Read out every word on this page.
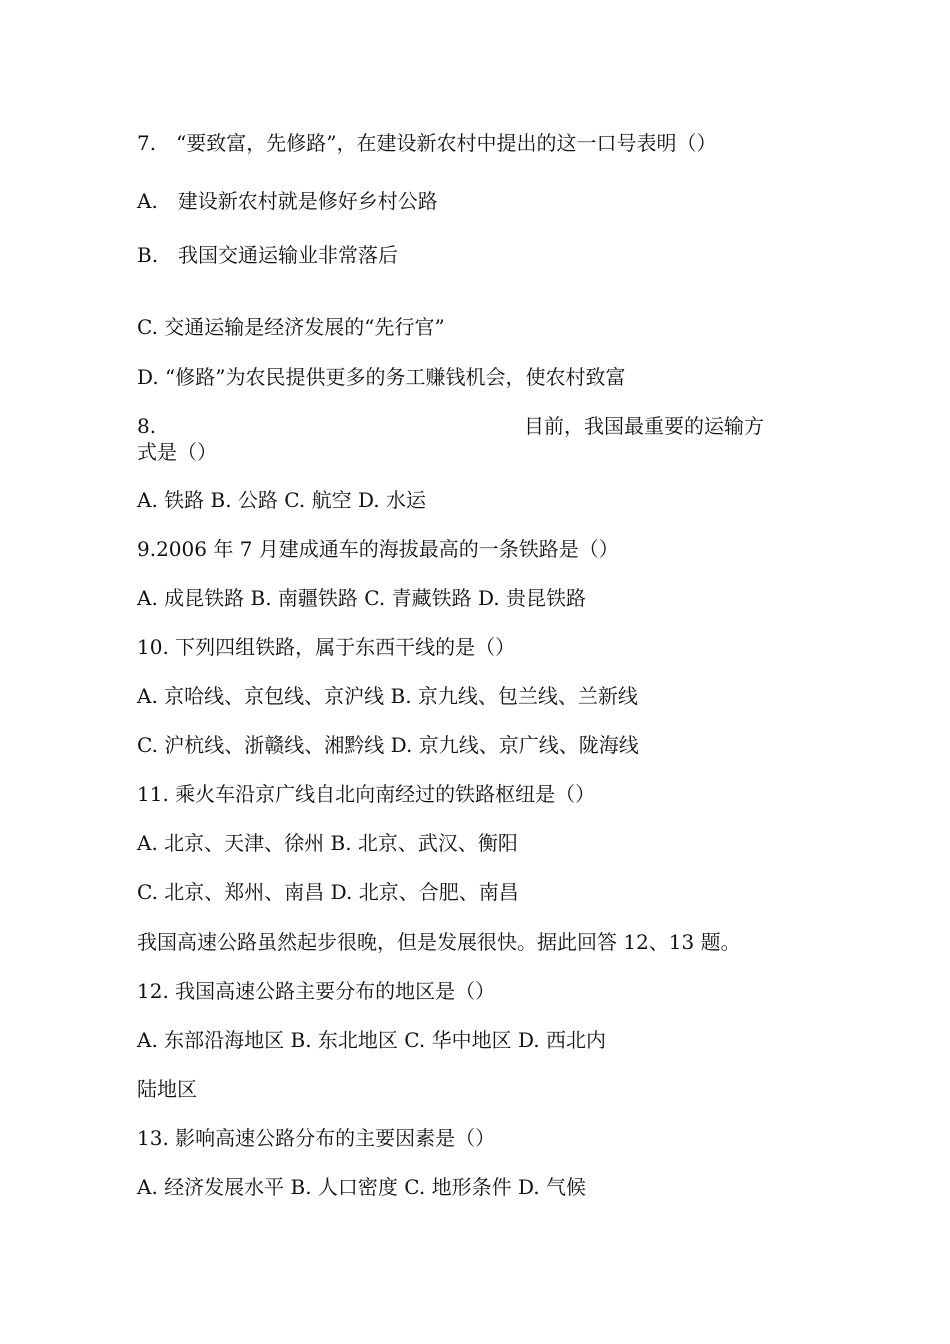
7.　“要致富，先修路”，在建设新农村中提出的这一口号表明（）
A.　建设新农村就是修好乡村公路
B.　我国交通运输业非常落后
C. 交通运输是经济发展的“先行官”
D. “修路”为农民提供更多的务工赚钱机会，使农村致富
8.	目前，我国最重要的运输方
式是（）
A. 铁路 B. 公路 C. 航空 D. 水运
9.2006 年 7 月建成通车的海拔最高的一条铁路是（）
A. 成昆铁路 B. 南疆铁路 C. 青藏铁路 D. 贵昆铁路
10. 下列四组铁路，属于东西干线的是（）
A. 京哈线、京包线、京沪线 B. 京九线、包兰线、兰新线
C. 沪杭线、浙赣线、湘黔线 D. 京九线、京广线、陇海线
11. 乘火车沿京广线自北向南经过的铁路枢纽是（）
A. 北京、天津、徐州 B. 北京、武汉、衡阳
C. 北京、郑州、南昌 D. 北京、合肥、南昌
我国高速公路虽然起步很晚，但是发展很快。据此回答 12、13 题。
12. 我国高速公路主要分布的地区是（）
A. 东部沿海地区 B. 东北地区 C. 华中地区 D. 西北内
陆地区
13. 影响高速公路分布的主要因素是（）
A. 经济发展水平 B. 人口密度 C. 地形条件 D. 气候
